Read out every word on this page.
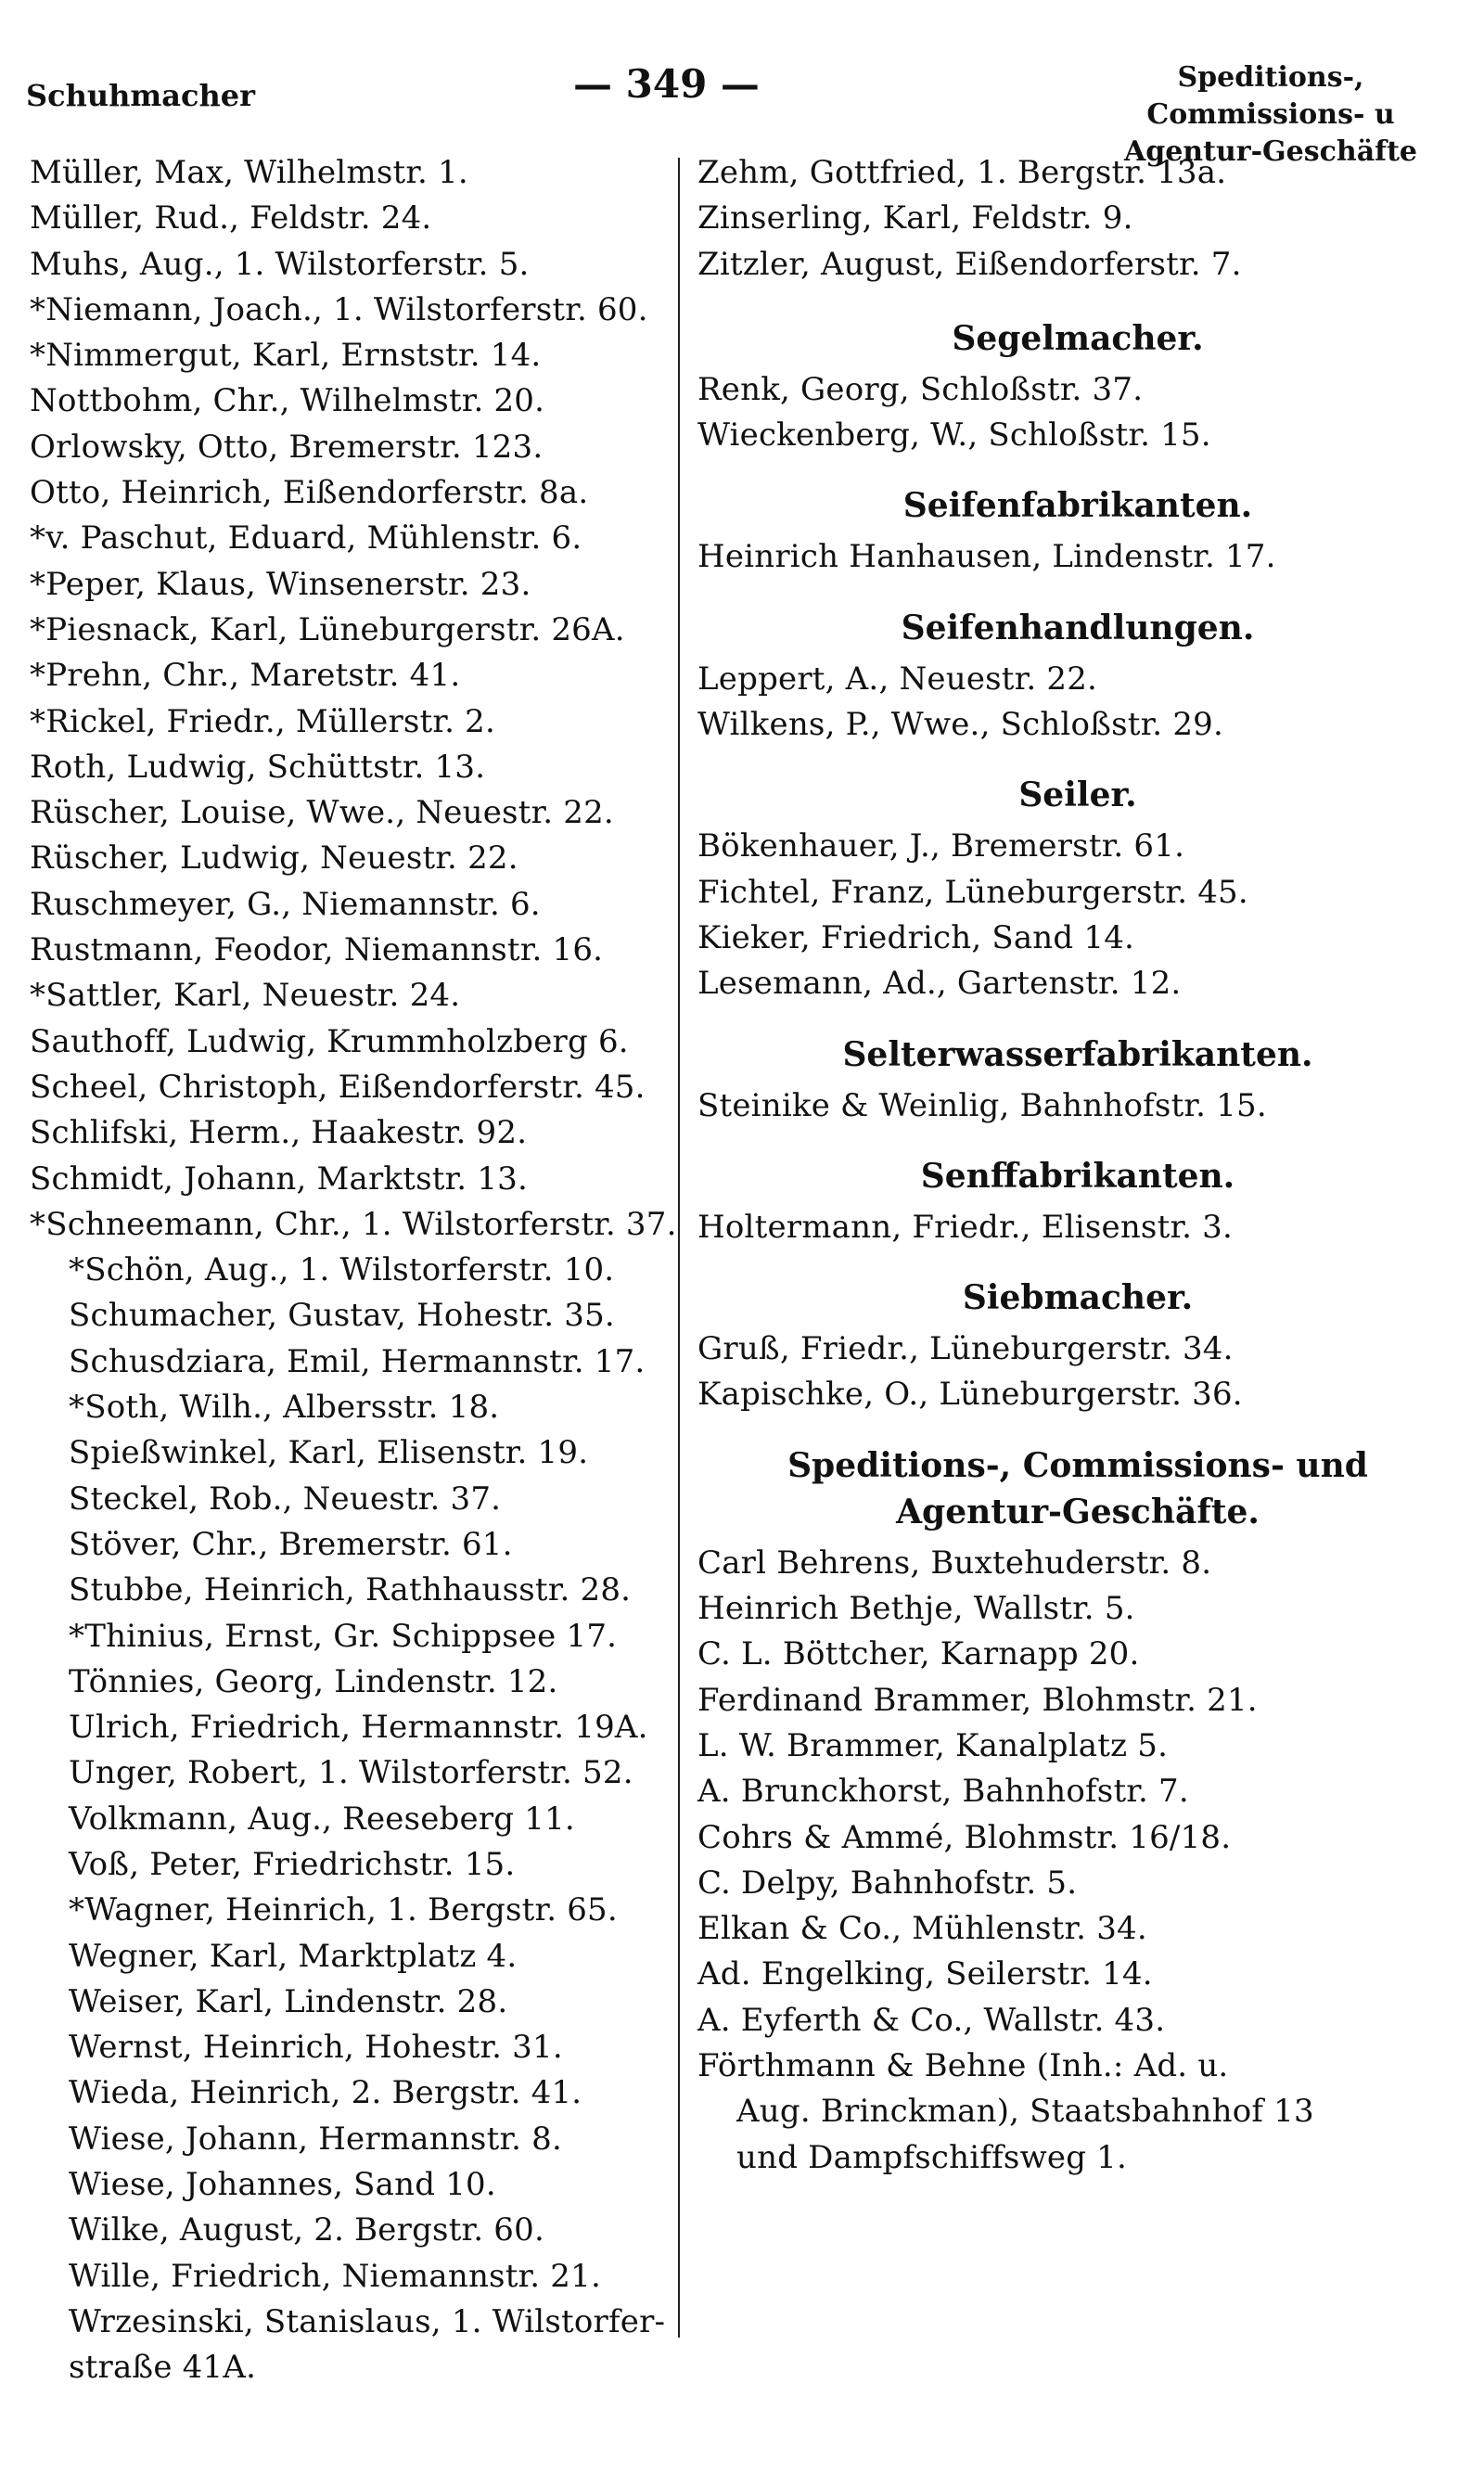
Schuhmacher	— 349 —	Speditions-, Commissions- u
Agentur-Geschäfte
Müller, Max, Wilhelmstr. 1.
Müller, Rud., Feldstr. 24.
Muhs, Aug., 1. Wilstorferstr. 5.
*Niemann, Joach., 1. Wilstorferstr. 60.
*Nimmergut, Karl, Ernststr. 14.
Nottbohm, Chr., Wilhelmstr. 20.
Orlowsky, Otto, Bremerstr. 123.
Otto, Heinrich, Eißendorferstr. 8a.
*v. Paschut, Eduard, Mühlenstr. 6.
*Peper, Klaus, Winsenerstr. 23.
*Piesnack, Karl, Lüneburgerstr. 26A.
*Prehn, Chr., Maretstr. 41.
*Rickel, Friedr., Müllerstr. 2.
Roth, Ludwig, Schüttstr. 13.
Rüscher, Louise, Wwe., Neuestr. 22.
Rüscher, Ludwig, Neuestr. 22.
Ruschmeyer, G., Niemannstr. 6.
Rustmann, Feodor, Niemannstr. 16.
*Sattler, Karl, Neuestr. 24.
Sauthoff, Ludwig, Krummholzberg 6.
Scheel, Christoph, Eißendorferstr. 45.
Schlifski, Herm., Haakestr. 92.
Schmidt, Johann, Marktstr. 13.
*Schneemann, Chr., 1. Wilstorferstr. 37.
*Schön, Aug., 1. Wilstorferstr. 10.
Schumacher, Gustav, Hohestr. 35.
Schusdziara, Emil, Hermannstr. 17.
*Soth, Wilh., Albersstr. 18.
Spießwinkel, Karl, Elisenstr. 19.
Steckel, Rob., Neuestr. 37.
Stöver, Chr., Bremerstr. 61.
Stubbe, Heinrich, Rathhausstr. 28.
*Thinius, Ernst, Gr. Schippsee 17.
Tönnies, Georg, Lindenstr. 12.
Ulrich, Friedrich, Hermannstr. 19A.
Unger, Robert, 1. Wilstorferstr. 52.
Volkmann, Aug., Reeseberg 11.
Voß, Peter, Friedrichstr. 15.
*Wagner, Heinrich, 1. Bergstr. 65.
Wegner, Karl, Marktplatz 4.
Weiser, Karl, Lindenstr. 28.
Wernst, Heinrich, Hohestr. 31.
Wieda, Heinrich, 2. Bergstr. 41.
Wiese, Johann, Hermannstr. 8.
Wiese, Johannes, Sand 10.
Wilke, August, 2. Bergstr. 60.
Wille, Friedrich, Niemannstr. 21.
Wrzesinski, Stanislaus, 1. Wilstorfer-
straße 41A.
Zehm, Gottfried, 1. Bergstr. 13a.
Zinserling, Karl, Feldstr. 9.
Zitzler, August, Eißendorferstr. 7.
Segelmacher.
Renk, Georg, Schloßstr. 37.
Wieckenberg, W., Schloßstr. 15.
Seifenfabrikanten.
Heinrich Hanhausen, Lindenstr. 17.
Seifenhandlungen.
Leppert, A., Neuestr. 22.
Wilkens, P., Wwe., Schloßstr. 29.
Seiler.
Bökenhauer, J., Bremerstr. 61.
Fichtel, Franz, Lüneburgerstr. 45.
Kieker, Friedrich, Sand 14.
Lesemann, Ad., Gartenstr. 12.
Selterwasserfabrikanten.
Steinike & Weinlig, Bahnhofstr. 15.
Senffabrikanten.
Holtermann, Friedr., Elisenstr. 3.
Siebmacher.
Gruß, Friedr., Lüneburgerstr. 34.
Kapischke, O., Lüneburgerstr. 36.
Speditions-, Commissions- und
Agentur-Geschäfte.
Carl Behrens, Buxtehuderstr. 8.
Heinrich Bethje, Wallstr. 5.
C. L. Böttcher, Karnapp 20.
Ferdinand Brammer, Blohmstr. 21.
L. W. Brammer, Kanalplatz 5.
A. Brunckhorst, Bahnhofstr. 7.
Cohrs & Ammé, Blohmstr. 16/18.
C. Delpy, Bahnhofstr. 5.
Elkan & Co., Mühlenstr. 34.
Ad. Engelking, Seilerstr. 14.
A. Eyferth & Co., Wallstr. 43.
Förthmann & Behne (Inh.: Ad. u.
Aug. Brinckman), Staatsbahnhof 13
und Dampfschiffsweg 1.
